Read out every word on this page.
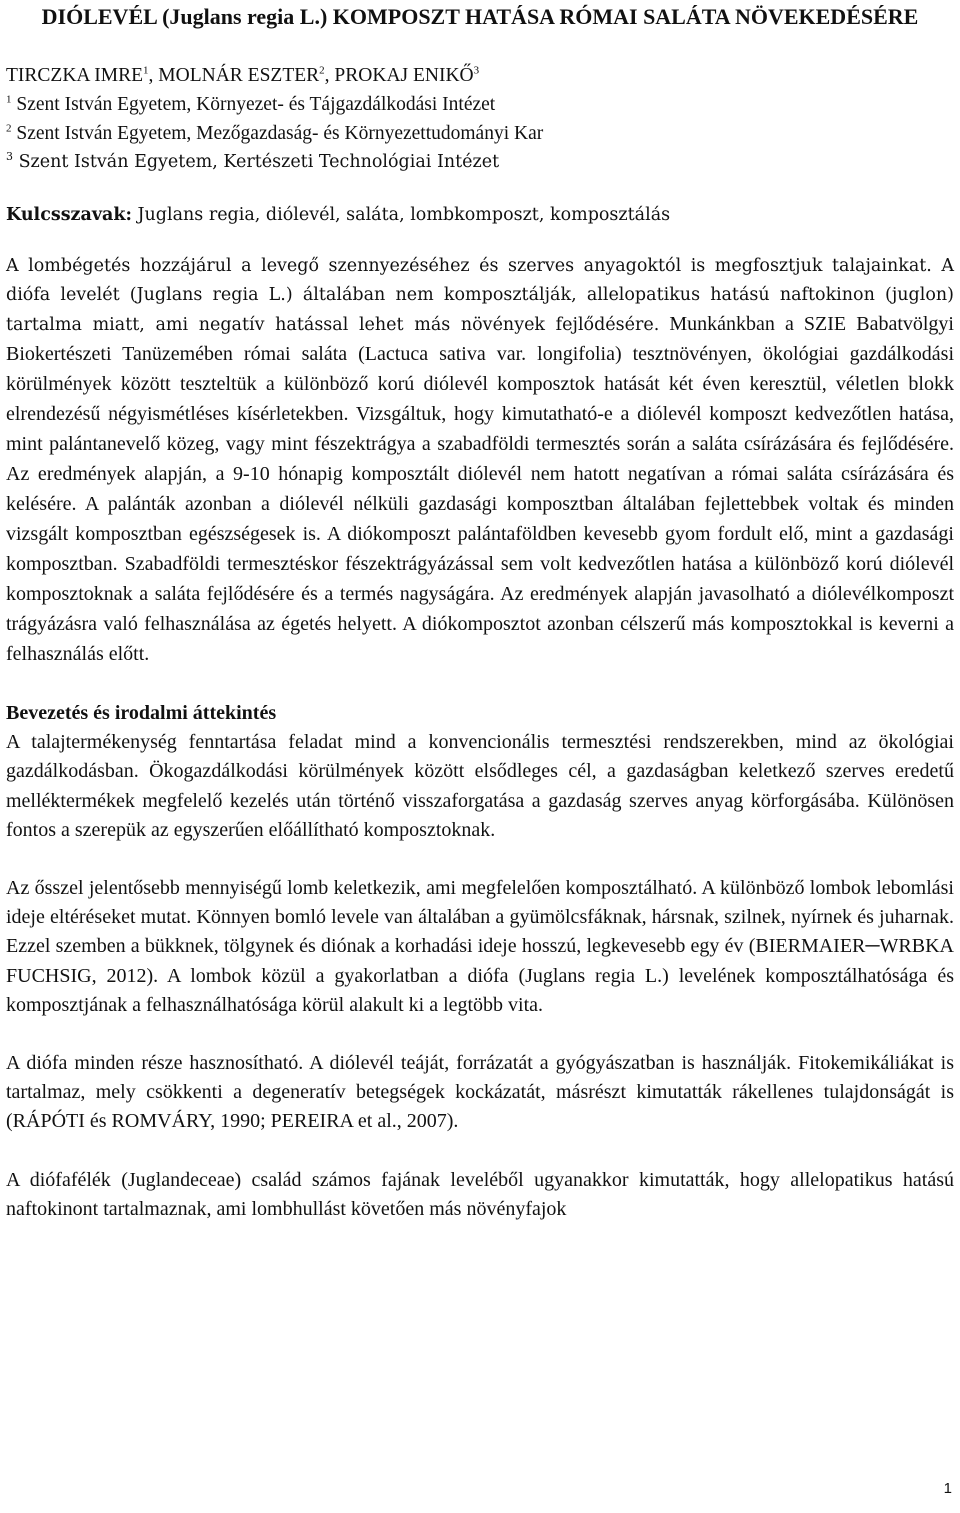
DIÓLEVÉL (Juglans regia L.) KOMPOSZT HATÁSA RÓMAI SALÁTA NÖVEKEDÉSÉRE
TIRCZKA IMRE$^1$, MOLNÁR ESZTER$^2$, PROKAJ ENIKŐ$^3$
$^1$ Szent István Egyetem, Környezet- és Tájgazdálkodási Intézet
$^2$ Szent István Egyetem, Mezőgazdaság- és Környezettudományi Kar
$^3$ Szent István Egyetem, Kertészeti Technológiai Intézet
Kulcsszavak: Juglans regia, diólevél, saláta, lombkomposzt, komposztálás

A lombégetés hozzájárul a levegő szennyezéséhez és szerves anyagoktól is megfosztjuk talajainkat. A diófa levelét (Juglans regia L.) általában nem komposztálják, allelopatikus hatású naftokinon (juglon) tartalma miatt, ami negatív hatással lehet más növények fejlődésére. Munkánkban a SZIE Babatvölgyi Biokertészeti Tanüzemében római saláta (Lactuca sativa var. longifolia) tesztnövényen, ökológiai gazdálkodási körülmények között teszteltük a különböző korú diólevél komposztok hatását két éven keresztül, véletlen blokk elrendezésű négyismétléses kísérletekben. Vizsgáltuk, hogy kimutatható-e a diólevél komposzt kedvezőtlen hatása, mint palántanevelő közeg, vagy mint fészektrágya a szabadföldi termesztés során a saláta csírázására és fejlődésére. Az eredmények alapján, a 9-10 hónapig komposztált diólevél nem hatott negatívan a római saláta csírázására és kelésére. A palánták azonban a diólevél nélküli gazdasági komposztban általában fejlettebbek voltak és minden vizsgált komposztban egészségesek is. A diókomposzt palántaföldben kevesebb gyom fordult elő, mint a gazdasági komposztban. Szabadföldi termesztéskor fészektrágyázással sem volt kedvezőtlen hatása a különböző korú diólevél komposztoknak a saláta fejlődésére és a termés nagyságára. Az eredmények alapján javasolható a diólevélkomposzt trágyázásra való felhasználása az égetés helyett. A diókomposztot azonban célszerű más komposztokkal is keverni a felhasználás előtt.

Bevezetés és irodalmi áttekintés

A talajtermékenység fenntartása feladat mind a konvencionális termesztési rendszerekben, mind az ökológiai gazdálkodásban. Ökogazdálkodási körülmények között elsődleges cél, a gazdaságban keletkező szerves eredetű melléktermékek megfelelő kezelés után történő visszaforgatása a gazdaság szerves anyag körforgásába. Különösen fontos a szerepük az egyszerűen előállítható komposztoknak.

Az ősszel jelentősebb mennyiségű lomb keletkezik, ami megfelelően komposztálható. A különböző lombok lebomlási ideje eltéréseket mutat. Könnyen bomló levele van általában a gyümölcsfáknak, hársnak, szilnek, nyírnek és juharnak. Ezzel szemben a bükknek, tölgynek és diónak a korhadási ideje hosszú, legkevesebb egy év (BIERMAIER─WRBKA FUCHSIG, 2012). A lombok közül a gyakorlatban a diófa (Juglans regia L.) levelének komposztálhatósága és komposztjának a felhasználhatósága körül alakult ki a legtöbb vita.

A diófa minden része hasznosítható. A diólevél teáját, forrázatát a gyógyászatban is használják. Fitokemikáliákat is tartalmaz, mely csökkenti a degeneratív betegségek kockázatát, másrészt kimutatták rákellenes tulajdonságát is (RÁPÓTI és ROMVÁRY, 1990; PEREIRA et al., 2007).

A diófafélék (Juglandeceae) család számos fajának leveléből ugyanakkor kimutatták, hogy allelopatikus hatású naftokinont tartalmaznak, ami lombhullást követően más növényfajok

1
